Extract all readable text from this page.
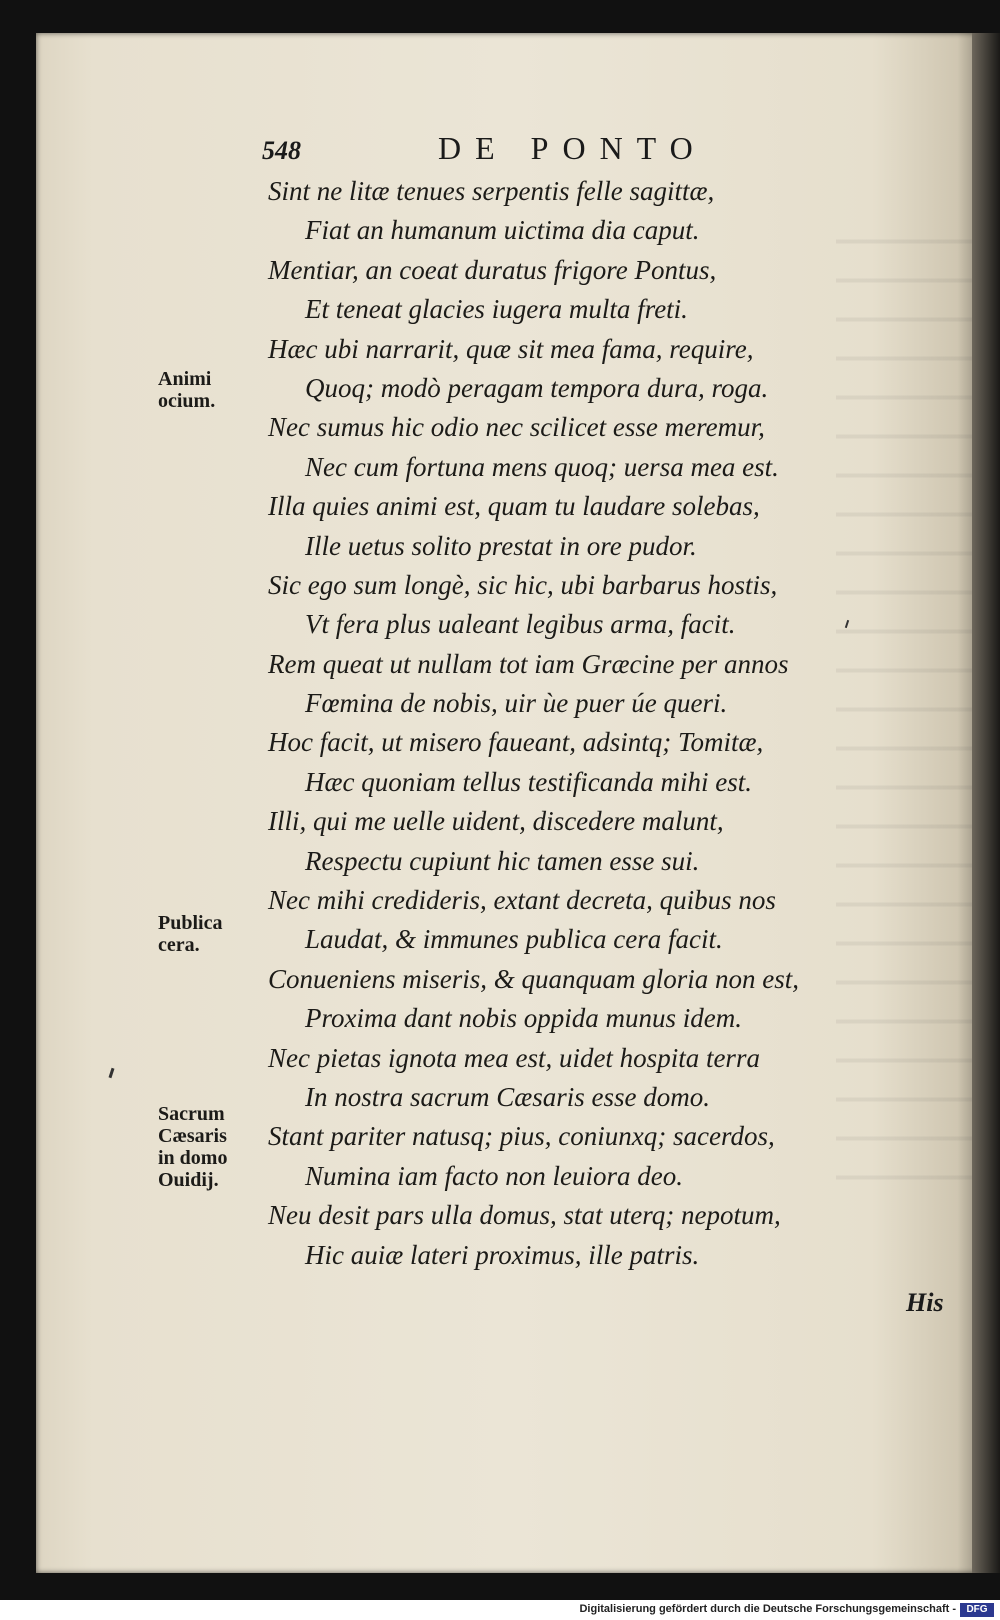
548	DE PONTO
Animi ocium.
Publica cera.
Sacrum Cæsaris in domo Ouidij.
Sint ne litæ tenues serpentis felle sagittæ,
Fiat an humanum uictima dia caput.
Mentiar, an coeat duratus frigore Pontus,
Et teneat glacies iugera multa freti.
Hæc ubi narrarit, quæ sit mea fama, require,
Quoq; modò peragam tempora dura, roga.
Nec sumus hic odio nec scilicet esse meremur,
Nec cum fortuna mens quoq; uersa mea est.
Illa quies animi est, quam tu laudare solebas,
Ille uetus solito prestat in ore pudor.
Sic ego sum longè, sic hic, ubi barbarus hostis,
Vt fera plus ualeant legibus arma, facit.
Rem queat ut nullam tot iam Græcine per annos
Fœmina de nobis, uir ùe puer úe queri.
Hoc facit, ut misero faueant, adsintq; Tomitæ,
Hæc quoniam tellus testificanda mihi est.
Illi, qui me uelle uident, discedere malunt,
Respectu cupiunt hic tamen esse sui.
Nec mihi credideris, extant decreta, quibus nos
Laudat, & immunes publica cera facit.
Conueniens miseris, & quanquam gloria non est,
Proxima dant nobis oppida munus idem.
Nec pietas ignota mea est, uidet hospita terra
In nostra sacrum Cæsaris esse domo.
Stant pariter natusq; pius, coniunxq; sacerdos,
Numina iam facto non leuiora deo.
Neu desit pars ulla domus, stat uterq; nepotum,
Hic auiæ lateri proximus, ille patris.
His
Digitalisierung gefördert durch die Deutsche Forschungsgemeinschaft -	DFG
